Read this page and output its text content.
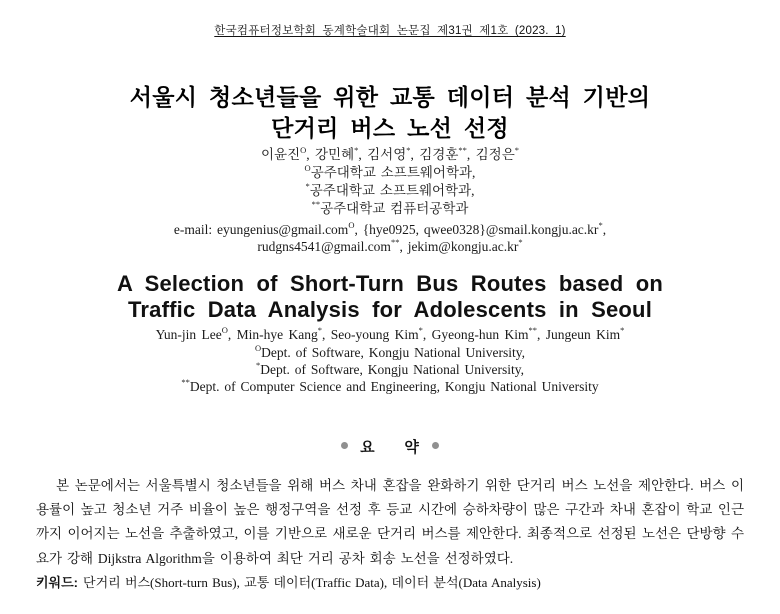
한국컴퓨터정보학회 동계학술대회 논문집 제31권 제1호 (2023. 1)
서울시 청소년들을 위한 교통 데이터 분석 기반의
단거리 버스 노선 선정
이윤진$^O$, 강민혜*, 김서영*, 김경훈**, 김정은*
$^O$공주대학교 소프트웨어학과,
*공주대학교 소프트웨어학과,
**공주대학교 컴퓨터공학과
e-mail: eyungenius@gmail.com$^O$, {hye0925, qwee0328}@smail.kongju.ac.kr*,
rudgns4541@gmail.com**, jekim@kongju.ac.kr*
A Selection of Short-Turn Bus Routes based on
Traffic Data Analysis for Adolescents in Seoul
Yun-jin Lee$^O$, Min-hye Kang*, Seo-young Kim*, Gyeong-hun Kim**, Jungeun Kim*
$^O$Dept. of Software, Kongju National University,
*Dept. of Software, Kongju National University,
**Dept. of Computer Science and Engineering, Kongju National University
요 약

본 논문에서는 서울특별시 청소년들을 위해 버스 차내 혼잡을 완화하기 위한 단거리 버스 노선을 제안한다. 버스 이용률이 높고 청소년 거주 비율이 높은 행정구역을 선정 후 등교 시간에 승하차량이 많은 구간과 차내 혼잡이 학교 인근까지 이어지는 노선을 추출하였고, 이를 기반으로 새로운 단거리 버스를 제안한다. 최종적으로 선정된 노선은 단방향 수요가 강해 Dijkstra Algorithm을 이용하여 최단 거리 공차 회송 노선을 선정하였다.

키워드: 단거리 버스(Short-turn Bus), 교통 데이터(Traffic Data), 데이터 분석(Data Analysis)
